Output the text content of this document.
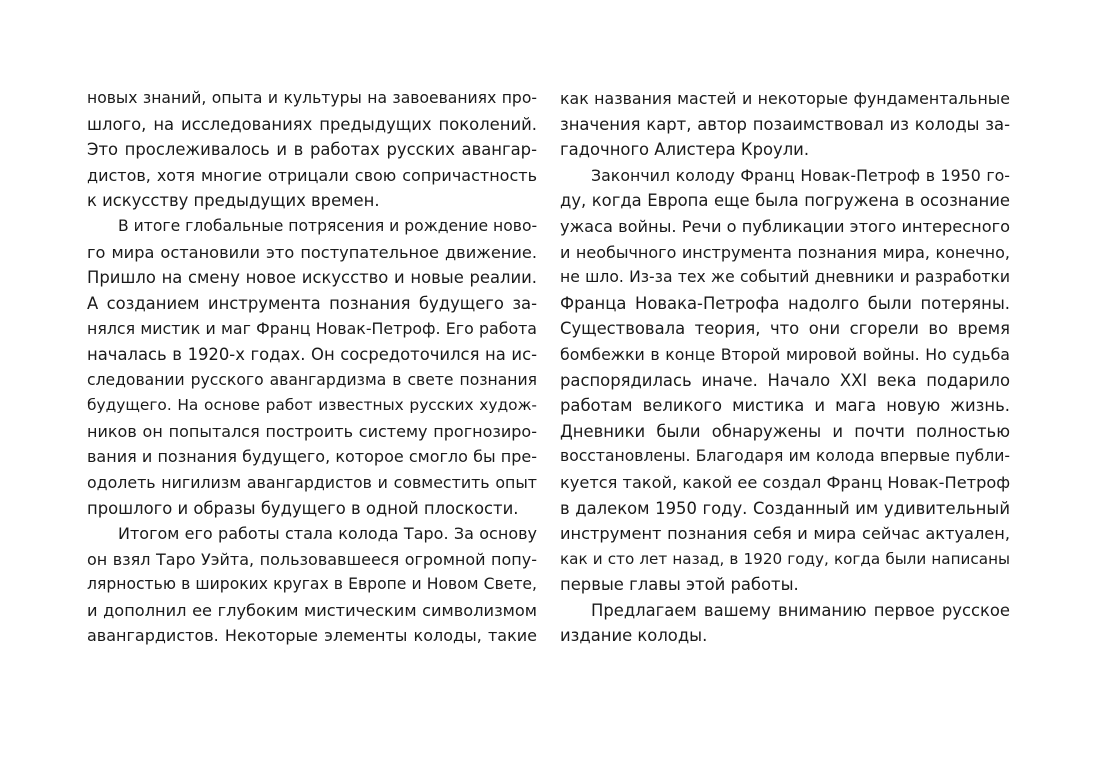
новых знаний, опыта и культуры на завоеваниях про-
шлого, на исследованиях предыдущих поколений.
Это прослеживалось и в работах русских авангар-
дистов, хотя многие отрицали свою сопричастность
к искусству предыдущих времен.
В итоге глобальные потрясения и рождение ново-
го мира остановили это поступательное движение.
Пришло на смену новое искусство и новые реалии.
А созданием инструмента познания будущего за-
нялся мистик и маг Франц Новак-Петроф. Его работа
началась в 1920-х годах. Он сосредоточился на ис-
следовании русского авангардизма в свете познания
будущего. На основе работ известных русских худож-
ников он попытался построить систему прогнозиро-
вания и познания будущего, которое смогло бы пре-
одолеть нигилизм авангардистов и совместить опыт
прошлого и образы будущего в одной плоскости.
Итогом его работы стала колода Таро. За основу
он взял Таро Уэйта, пользовавшееся огромной попу-
лярностью в широких кругах в Европе и Новом Свете,
и дополнил ее глубоким мистическим символизмом
авангардистов. Некоторые элементы колоды, такие
как названия мастей и некоторые фундаментальные
значения карт, автор позаимствовал из колоды за-
гадочного Алистера Кроули.
Закончил колоду Франц Новак-Петроф в 1950 го-
ду, когда Европа еще была погружена в осознание
ужаса войны. Речи о публикации этого интересного
и необычного инструмента познания мира, конечно,
не шло. Из-за тех же событий дневники и разработки
Франца Новака-Петрофа надолго были потеряны.
Существовала теория, что они сгорели во время
бомбежки в конце Второй мировой войны. Но судьба
распорядилась иначе. Начало XXI века подарило
работам великого мистика и мага новую жизнь.
Дневники были обнаружены и почти полностью
восстановлены. Благодаря им колода впервые публи-
куется такой, какой ее создал Франц Новак-Петроф
в далеком 1950 году. Созданный им удивительный
инструмент познания себя и мира сейчас актуален,
как и сто лет назад, в 1920 году, когда были написаны
первые главы этой работы.
Предлагаем вашему вниманию первое русское
издание колоды.
